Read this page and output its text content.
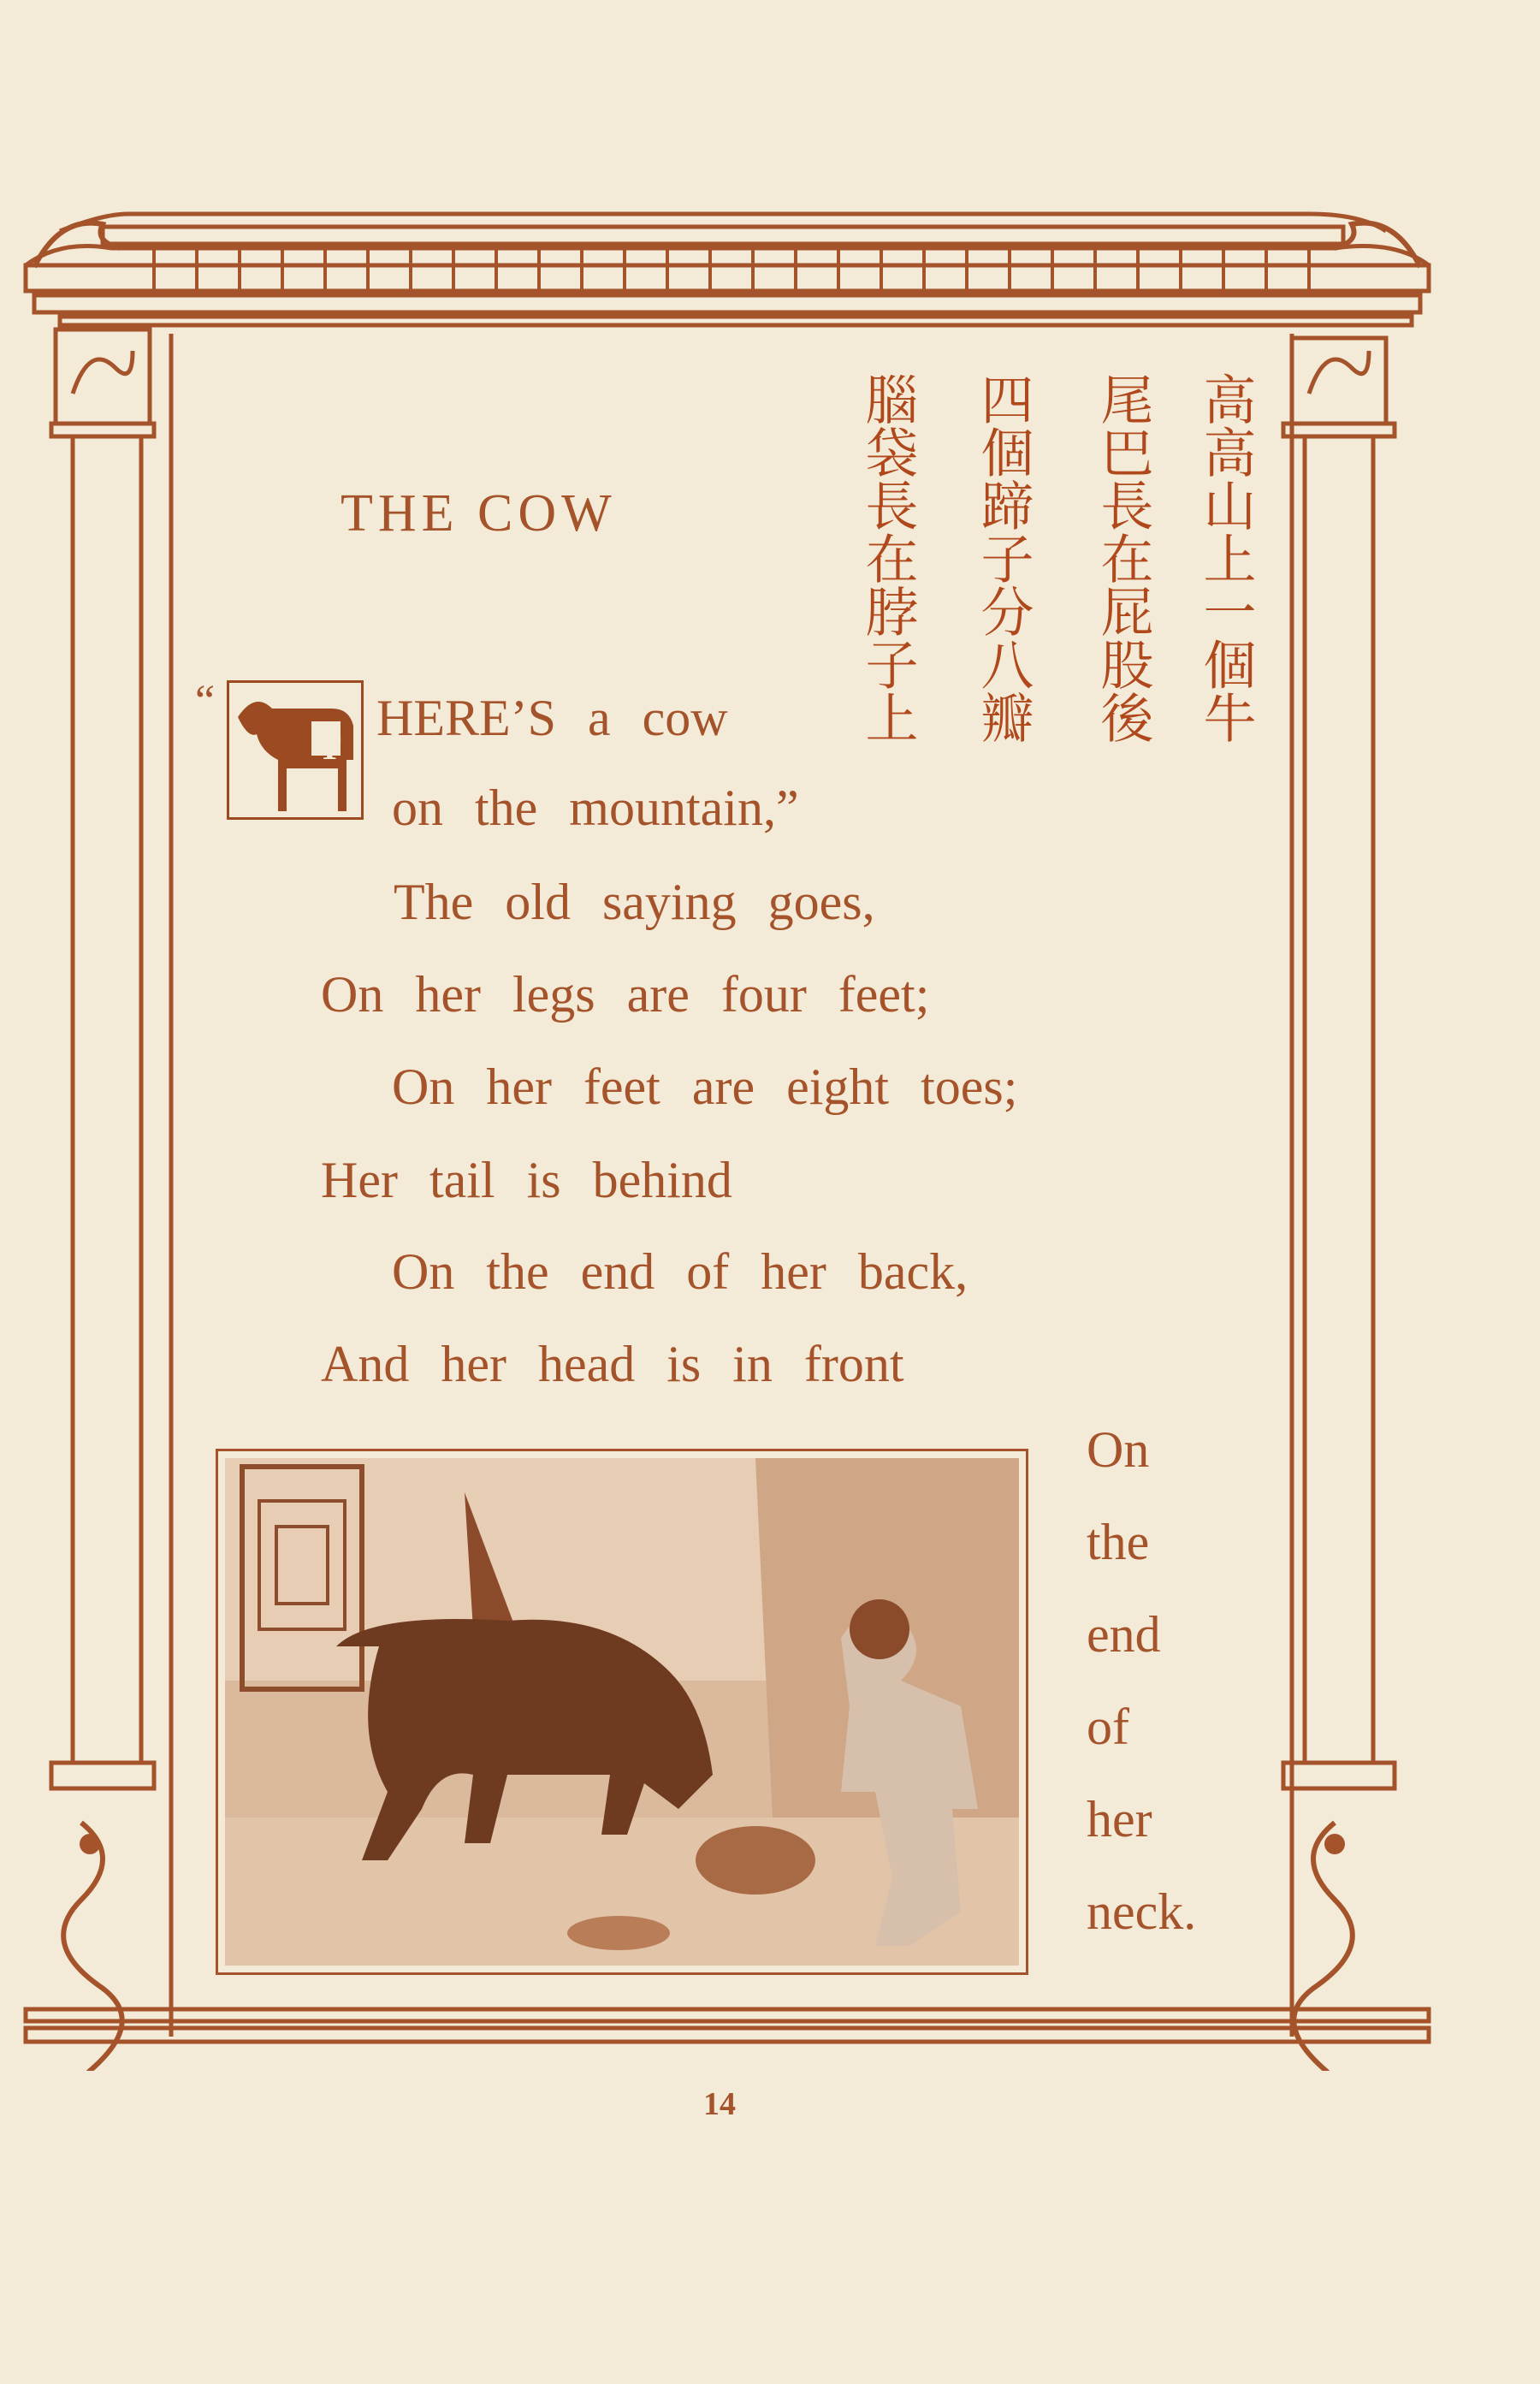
THE COW	高高山上一個牛
尾巴長在屁股後
四個蹄子分八瓣
腦袋長在脖子上
“
T
HERE’S a cow
on the mountain,”
The old saying goes,
On her legs are four feet;
On her feet are eight toes;
Her tail is behind
On the end of her back,
And her head is in front
On
the
end
of
her
neck.
14
